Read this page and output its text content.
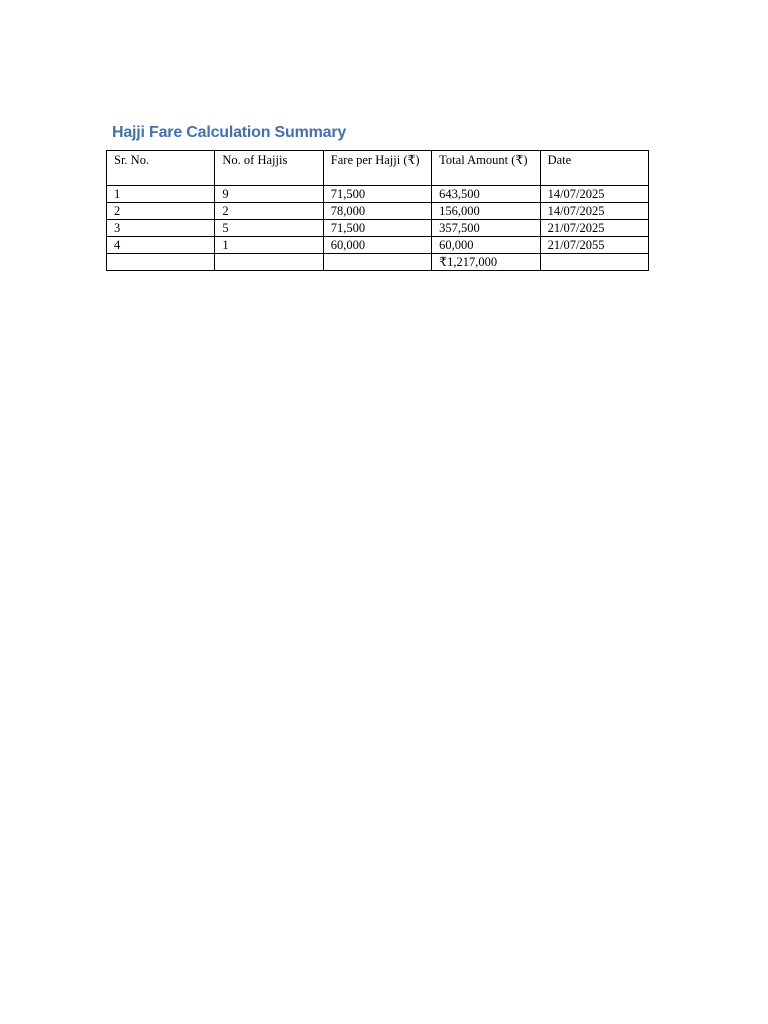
Hajji Fare Calculation Summary
Sr. No.	No. of Hajjis	Fare per Hajji (₹)	Total Amount (₹)	Date
1	9	71,500	643,500	14/07/2025
2	2	78,000	156,000	14/07/2025
3	5	71,500	357,500	21/07/2025
4	1	60,000	60,000	21/07/2055
			₹1,217,000	
